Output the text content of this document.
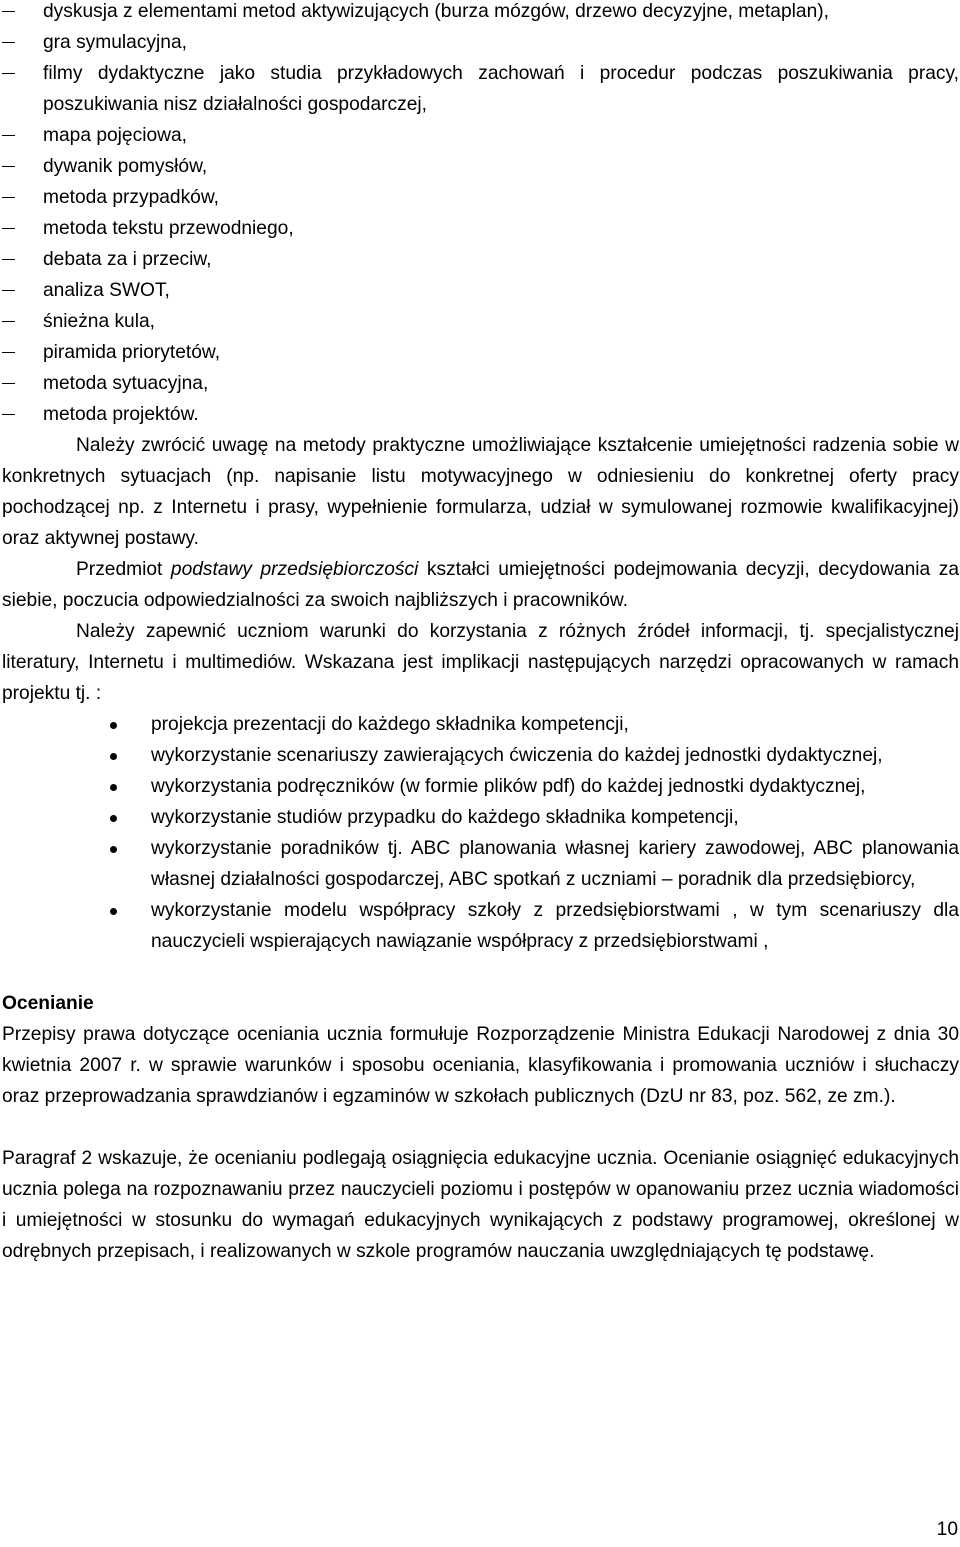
dyskusja z elementami metod aktywizujących (burza mózgów, drzewo decyzyjne, metaplan),
gra symulacyjna,
filmy dydaktyczne jako studia przykładowych zachowań i procedur podczas poszukiwania pracy, poszukiwania nisz działalności gospodarczej,
mapa pojęciowa,
dywanik pomysłów,
metoda przypadków,
metoda tekstu przewodniego,
debata za i przeciw,
analiza SWOT,
śnieżna kula,
piramida priorytetów,
metoda sytuacyjna,
metoda projektów.

Należy zwrócić uwagę na metody praktyczne umożliwiające kształcenie umiejętności radzenia sobie w konkretnych sytuacjach (np. napisanie listu motywacyjnego w odniesieniu do konkretnej oferty pracy pochodzącej np. z Internetu i prasy, wypełnienie formularza, udział w symulowanej rozmowie kwalifikacyjnej) oraz aktywnej postawy.

Przedmiot podstawy przedsiębiorczości kształci umiejętności podejmowania decyzji, decydowania za siebie, poczucia odpowiedzialności za swoich najbliższych i pracowników.

Należy zapewnić uczniom warunki do korzystania z różnych źródeł informacji, tj. specjalistycznej literatury, Internetu i multimediów. Wskazana jest implikacji następujących narzędzi opracowanych w ramach projektu tj. :

projekcja prezentacji do każdego składnika kompetencji,
wykorzystanie scenariuszy zawierających ćwiczenia do każdej jednostki dydaktycznej,
wykorzystania podręczników (w formie plików pdf) do każdej jednostki dydaktycznej,
wykorzystanie studiów przypadku do każdego składnika kompetencji,
wykorzystanie poradników tj. ABC planowania własnej kariery zawodowej, ABC planowania własnej działalności gospodarczej, ABC spotkań z uczniami – poradnik dla przedsiębiorcy,
wykorzystanie modelu współpracy szkoły z przedsiębiorstwami , w tym scenariuszy dla nauczycieli wspierających nawiązanie współpracy z przedsiębiorstwami ,
Ocenianie

Przepisy prawa dotyczące oceniania ucznia formułuje Rozporządzenie Ministra Edukacji Narodowej z dnia 30 kwietnia 2007 r. w sprawie warunków i sposobu oceniania, klasyfikowania i promowania uczniów i słuchaczy oraz przeprowadzania sprawdzianów i egzaminów w szkołach publicznych (DzU nr 83, poz. 562, ze zm.).

Paragraf 2 wskazuje, że ocenianiu podlegają osiągnięcia edukacyjne ucznia. Ocenianie osiągnięć edukacyjnych ucznia polega na rozpoznawaniu przez nauczycieli poziomu i postępów w opanowaniu przez ucznia wiadomości i umiejętności w stosunku do wymagań edukacyjnych wynikających z podstawy programowej, określonej w odrębnych przepisach, i realizowanych w szkole programów nauczania uwzględniających tę podstawę.

10
